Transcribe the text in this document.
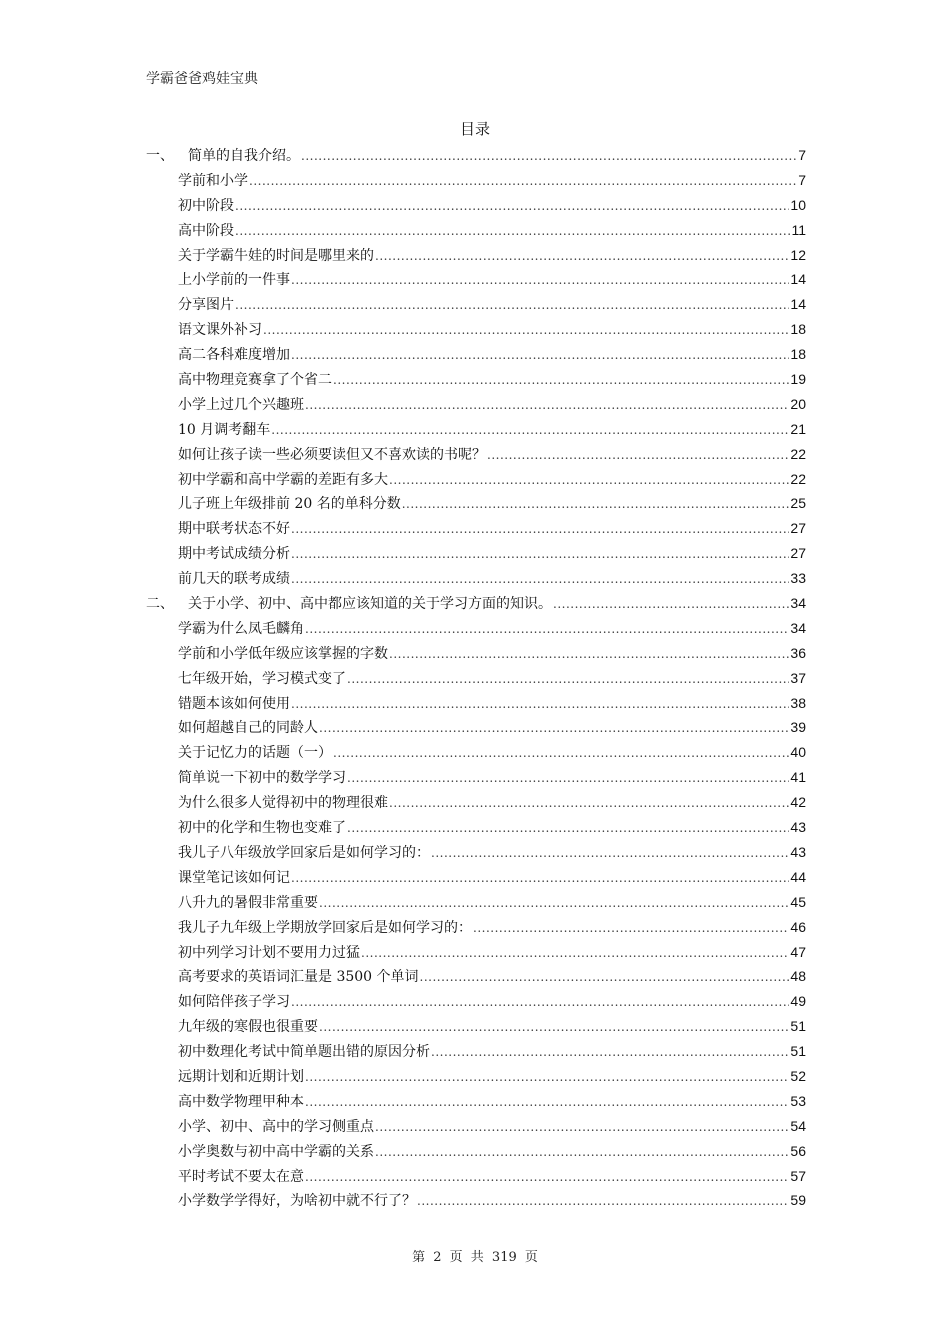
学霸爸爸鸡娃宝典
目录
一、	简单的自我介绍。 .....	7
学前和小学 .....	7
初中阶段 .....	10
高中阶段 .....	11
关于学霸牛娃的时间是哪里来的 .....	12
上小学前的一件事 .....	14
分享图片 .....	14
语文课外补习 .....	18
高二各科难度增加 .....	18
高中物理竞赛拿了个省二 .....	19
小学上过几个兴趣班 .....	20
10 月调考翻车 .....	21
如何让孩子读一些必须要读但又不喜欢读的书呢？ .....	22
初中学霸和高中学霸的差距有多大 .....	22
儿子班上年级排前 20 名的单科分数 .....	25
期中联考状态不好 .....	27
期中考试成绩分析 .....	27
前几天的联考成绩 .....	33
二、	关于小学、初中、高中都应该知道的关于学习方面的知识。 .....	34
学霸为什么凤毛麟角 .....	34
学前和小学低年级应该掌握的字数 .....	36
七年级开始，学习模式变了 .....	37
错题本该如何使用 .....	38
如何超越自己的同龄人 .....	39
关于记忆力的话题（一） .....	40
简单说一下初中的数学学习 .....	41
为什么很多人觉得初中的物理很难 .....	42
初中的化学和生物也变难了 .....	43
我儿子八年级放学回家后是如何学习的： .....	43
课堂笔记该如何记 .....	44
八升九的暑假非常重要 .....	45
我儿子九年级上学期放学回家后是如何学习的： .....	46
初中列学习计划不要用力过猛 .....	47
高考要求的英语词汇量是 3500 个单词 .....	48
如何陪伴孩子学习 .....	49
九年级的寒假也很重要 .....	51
初中数理化考试中简单题出错的原因分析 .....	51
远期计划和近期计划 .....	52
高中数学物理甲种本 .....	53
小学、初中、高中的学习侧重点 .....	54
小学奥数与初中高中学霸的关系 .....	56
平时考试不要太在意 .....	57
小学数学学得好，为啥初中就不行了？ .....	59
第 2 页 共 319 页
